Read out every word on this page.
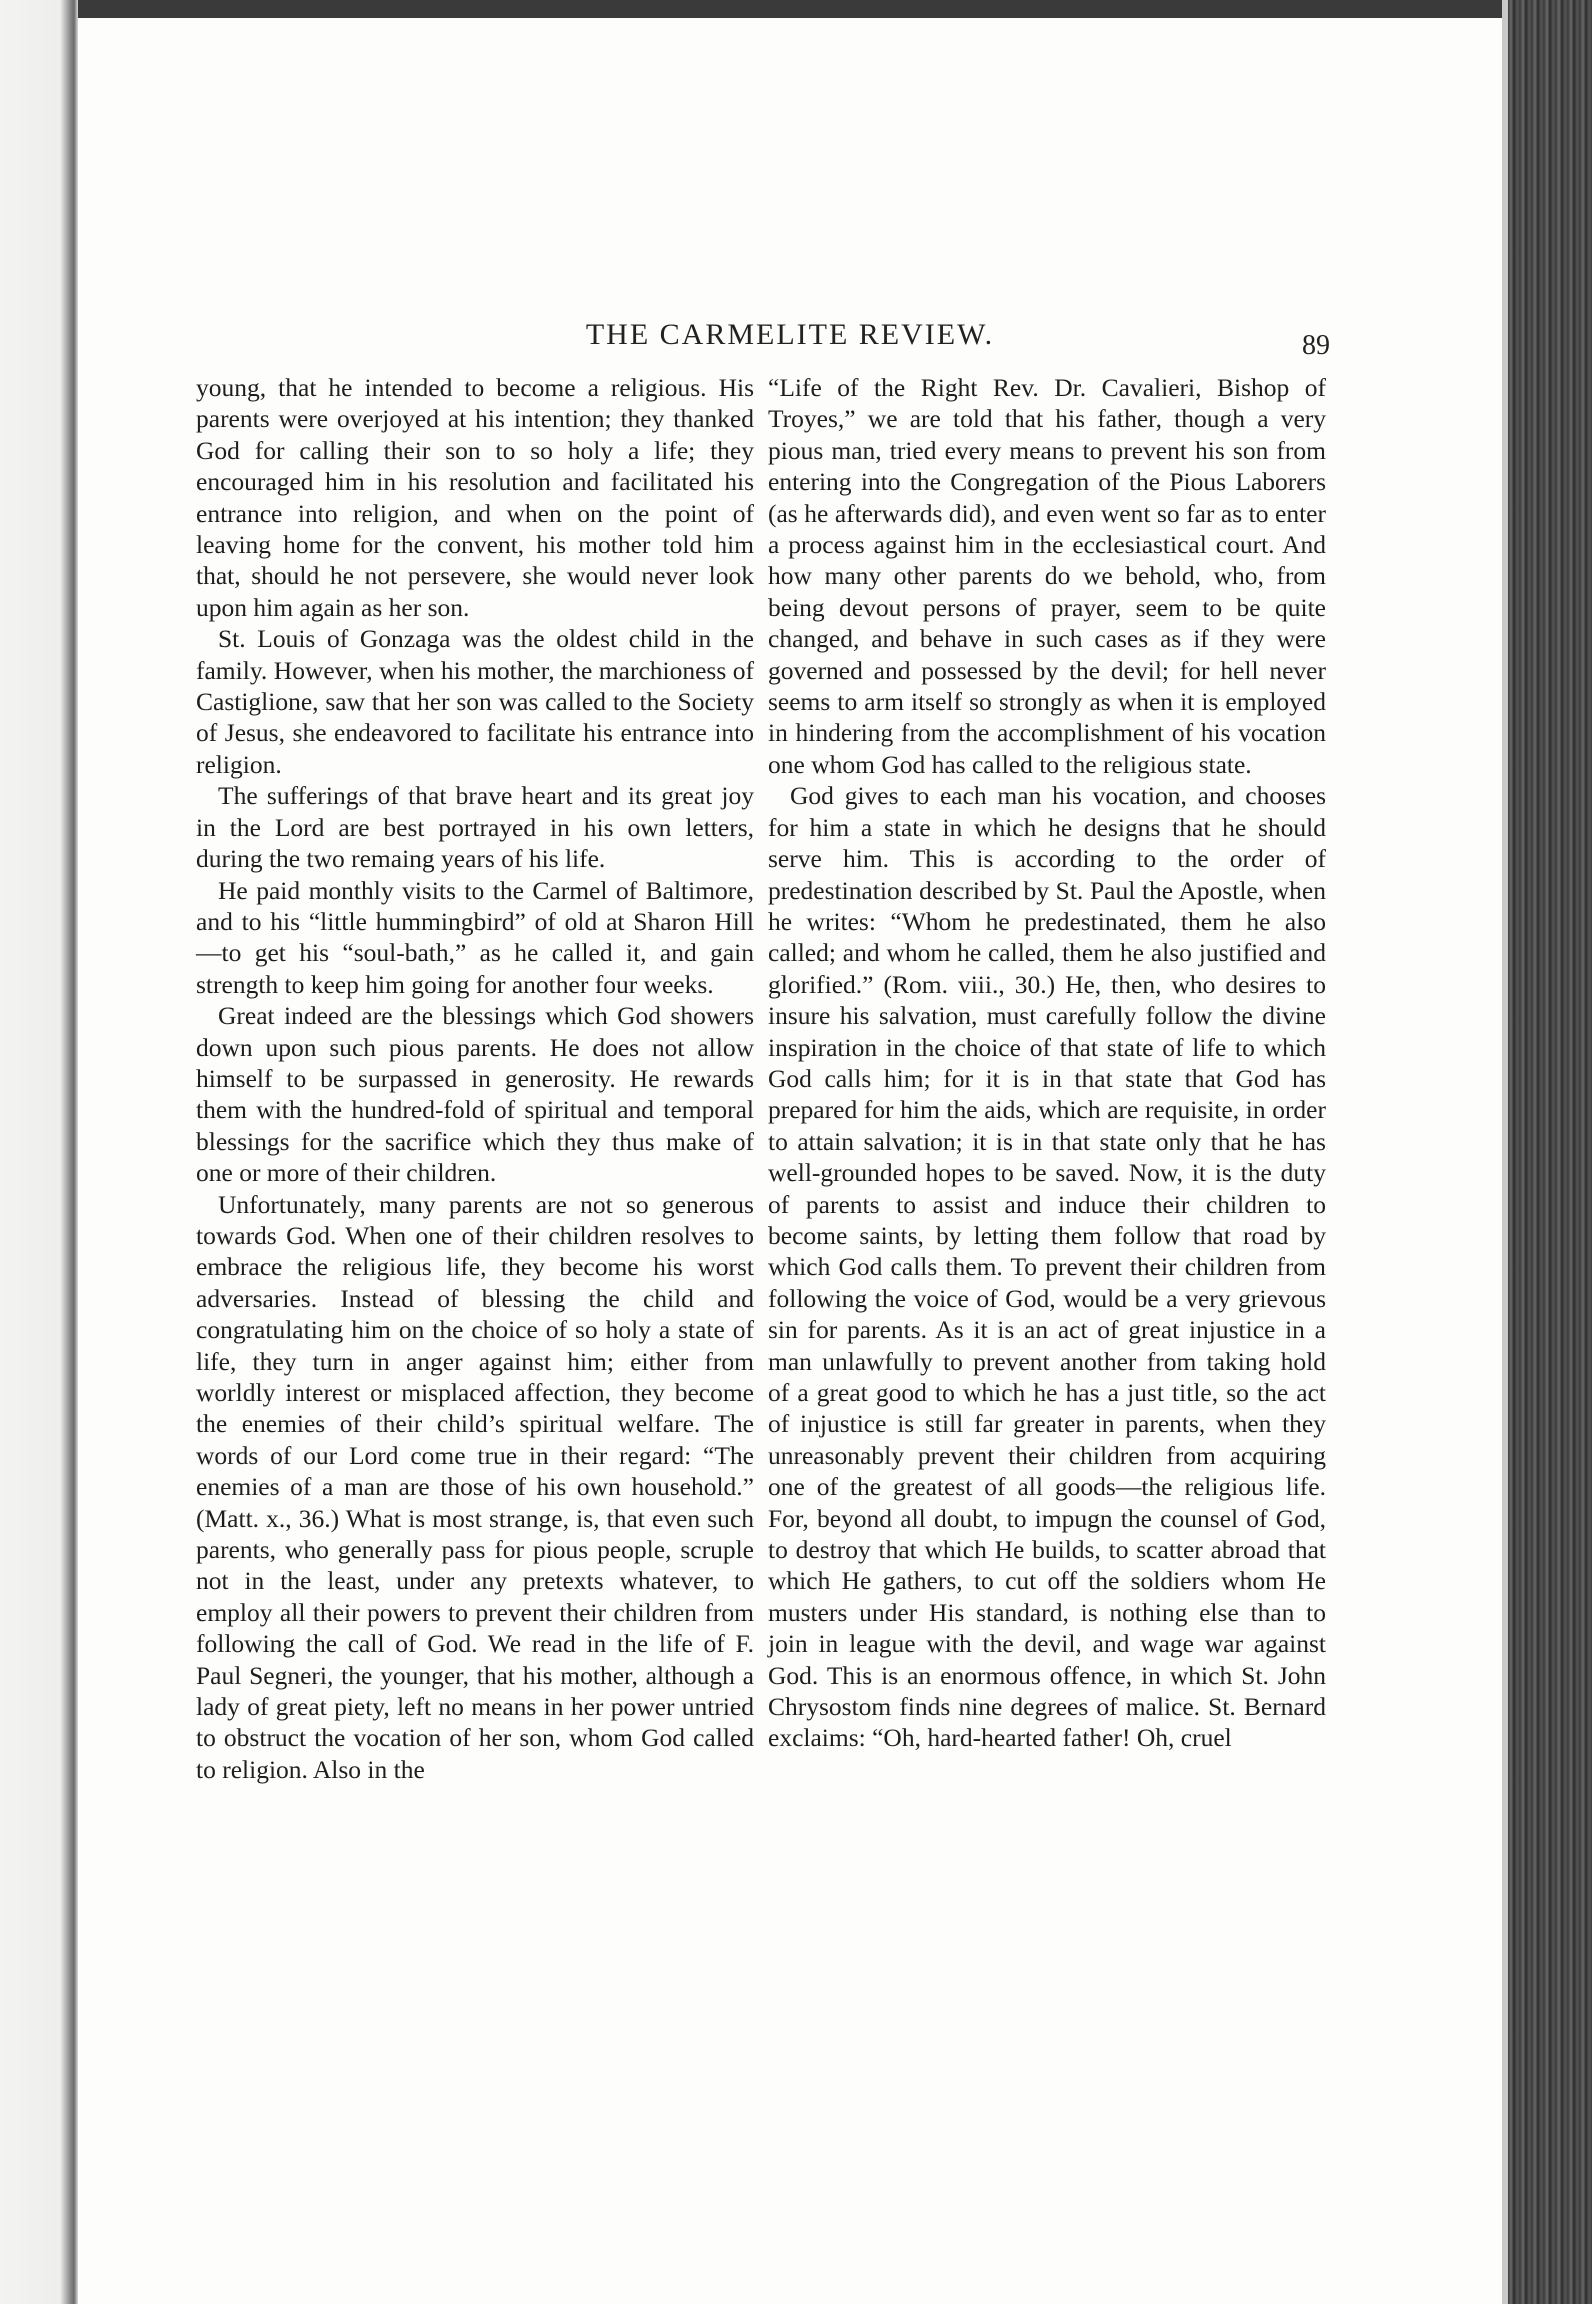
THE CARMELITE REVIEW.	89

young, that he intended to become a religious. His parents were overjoyed at his intention; they thanked God for calling their son to so holy a life; they encouraged him in his resolution and facilitated his entrance into religion, and when on the point of leaving home for the convent, his mother told him that, should he not persevere, she would never look upon him again as her son.

St. Louis of Gonzaga was the oldest child in the family. However, when his mother, the marchioness of Castiglione, saw that her son was called to the Society of Jesus, she endeavored to facilitate his entrance into religion.

The sufferings of that brave heart and its great joy in the Lord are best portrayed in his own letters, during the two remaing years of his life.

He paid monthly visits to the Carmel of Baltimore, and to his “little hummingbird” of old at Sharon Hill—to get his “soul-bath,” as he called it, and gain strength to keep him going for another four weeks.

Great indeed are the blessings which God showers down upon such pious parents. He does not allow himself to be surpassed in generosity. He rewards them with the hundred-fold of spiritual and temporal blessings for the sacrifice which they thus make of one or more of their children.

Unfortunately, many parents are not so generous towards God. When one of their children resolves to embrace the religious life, they become his worst adversaries. Instead of blessing the child and congratulating him on the choice of so holy a state of life, they turn in anger against him; either from worldly interest or misplaced affection, they become the enemies of their child’s spiritual welfare. The words of our Lord come true in their regard: “The enemies of a man are those of his own household.” (Matt. x., 36.) What is most strange, is, that even such parents, who generally pass for pious people, scruple not in the least, under any pretexts whatever, to employ all their powers to prevent their children from following the call of God. We read in the life of F. Paul Segneri, the younger, that his mother, although a lady of great piety, left no means in her power untried to obstruct the vocation of her son, whom God called to religion. Also in the

“Life of the Right Rev. Dr. Cavalieri, Bishop of Troyes,” we are told that his father, though a very pious man, tried every means to prevent his son from entering into the Congregation of the Pious Laborers (as he afterwards did), and even went so far as to enter a process against him in the ecclesiastical court. And how many other parents do we behold, who, from being devout persons of prayer, seem to be quite changed, and behave in such cases as if they were governed and possessed by the devil; for hell never seems to arm itself so strongly as when it is employed in hindering from the accomplishment of his vocation one whom God has called to the religious state.

God gives to each man his vocation, and chooses for him a state in which he designs that he should serve him. This is according to the order of predestination described by St. Paul the Apostle, when he writes: “Whom he predestinated, them he also called; and whom he called, them he also justified and glorified.” (Rom. viii., 30.) He, then, who desires to insure his salvation, must carefully follow the divine inspiration in the choice of that state of life to which God calls him; for it is in that state that God has prepared for him the aids, which are requisite, in order to attain salvation; it is in that state only that he has well-grounded hopes to be saved. Now, it is the duty of parents to assist and induce their children to become saints, by letting them follow that road by which God calls them. To prevent their children from following the voice of God, would be a very grievous sin for parents. As it is an act of great injustice in a man unlawfully to prevent another from taking hold of a great good to which he has a just title, so the act of injustice is still far greater in parents, when they unreasonably prevent their children from acquiring one of the greatest of all goods—the religious life. For, beyond all doubt, to impugn the counsel of God, to destroy that which He builds, to scatter abroad that which He gathers, to cut off the soldiers whom He musters under His standard, is nothing else than to join in league with the devil, and wage war against God. This is an enormous offence, in which St. John Chrysostom finds nine degrees of malice. St. Bernard exclaims: “Oh, hard-hearted father! Oh, cruel
